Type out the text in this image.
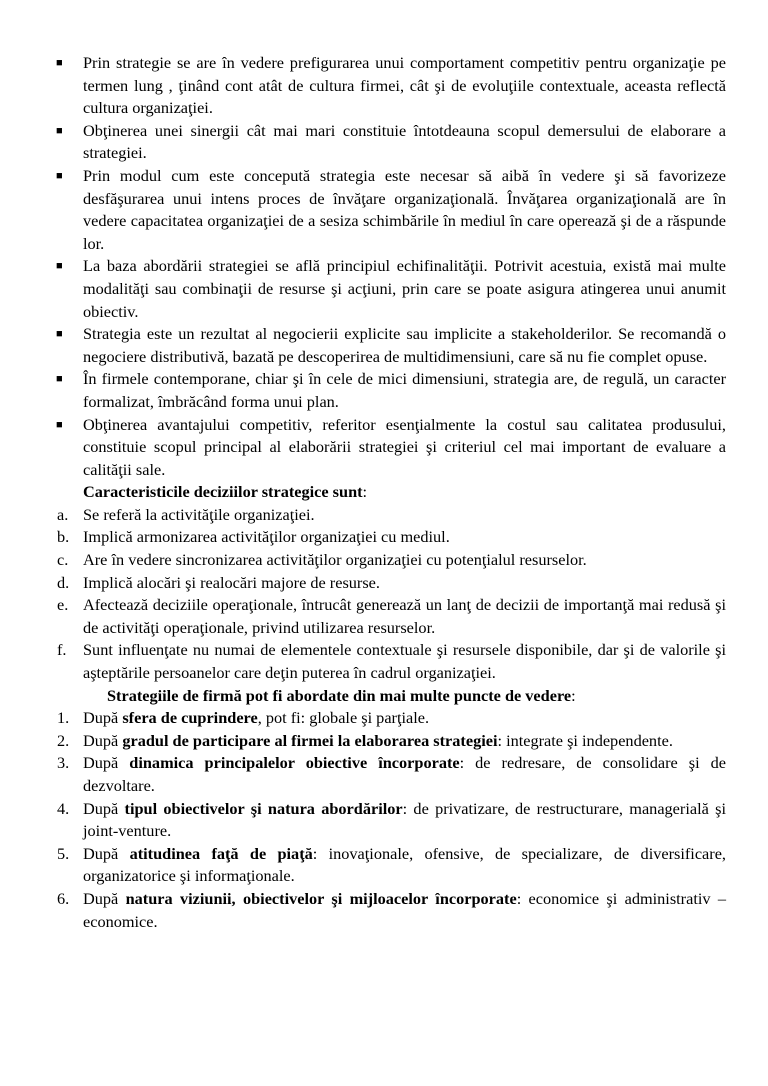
■ Prin strategie se are în vedere prefigurarea unui comportament competitiv pentru organizaţie pe termen lung , ţinând cont atât de cultura firmei, cât şi de evoluţiile contextuale, aceasta reflectă cultura organizaţiei.
■ Obţinerea unei sinergii cât mai mari constituie întotdeauna scopul demersului de elaborare a strategiei.
■ Prin modul cum este concepută strategia este necesar să aibă în vedere şi să favorizeze desfăşurarea unui intens proces de învăţare organizaţională. Învăţarea organizaţională are în vedere capacitatea organizaţiei de a sesiza schimbările în mediul în care operează şi de a răspunde lor.
■ La baza abordării strategiei se află principiul echifinalităţii. Potrivit acestuia, există mai multe modalităţi sau combinaţii de resurse şi acţiuni, prin care se poate asigura atingerea unui anumit obiectiv.
■ Strategia este un rezultat al negocierii explicite sau implicite a stakeholderilor. Se recomandă o negociere distributivă, bazată pe descoperirea de multidimensiuni, care să nu fie complet opuse.
■ În firmele contemporane, chiar şi în cele de mici dimensiuni, strategia are, de regulă, un caracter formalizat, îmbrăcând forma unui plan.
■ Obţinerea avantajului competitiv, referitor esenţialmente la costul sau calitatea produsului, constituie scopul principal al elaborării strategiei şi criteriul cel mai important de evaluare a calităţii sale.
Caracteristicile deciziilor strategice sunt:
a. Se referă la activităţile organizaţiei.
b. Implică armonizarea activităţilor organizaţiei cu mediul.
c. Are în vedere sincronizarea activităţilor organizaţiei cu potenţialul resurselor.
d. Implică alocări şi realocări majore de resurse.
e. Afectează deciziile operaţionale, întrucât generează un lanţ de decizii de importanţă mai redusă şi de activităţi operaţionale, privind utilizarea resurselor.
f. Sunt influenţate nu numai de elementele contextuale şi resursele disponibile, dar şi de valorile şi aşteptările persoanelor care deţin puterea în cadrul organizaţiei.
Strategiile de firmă pot fi abordate din mai multe puncte de vedere:
1. După sfera de cuprindere, pot fi: globale şi parţiale.
2. După gradul de participare al firmei la elaborarea strategiei: integrate şi independente.
3. După dinamica principalelor obiective încorporate: de redresare, de consolidare şi de dezvoltare.
4. După tipul obiectivelor şi natura abordărilor: de privatizare, de restructurare, managerială şi joint-venture.
5. După atitudinea faţă de piaţă: inovaţionale, ofensive, de specializare, de diversificare, organizatorice şi informaţionale.
6. După natura viziunii, obiectivelor şi mijloacelor încorporate: economice şi administrativ – economice.
